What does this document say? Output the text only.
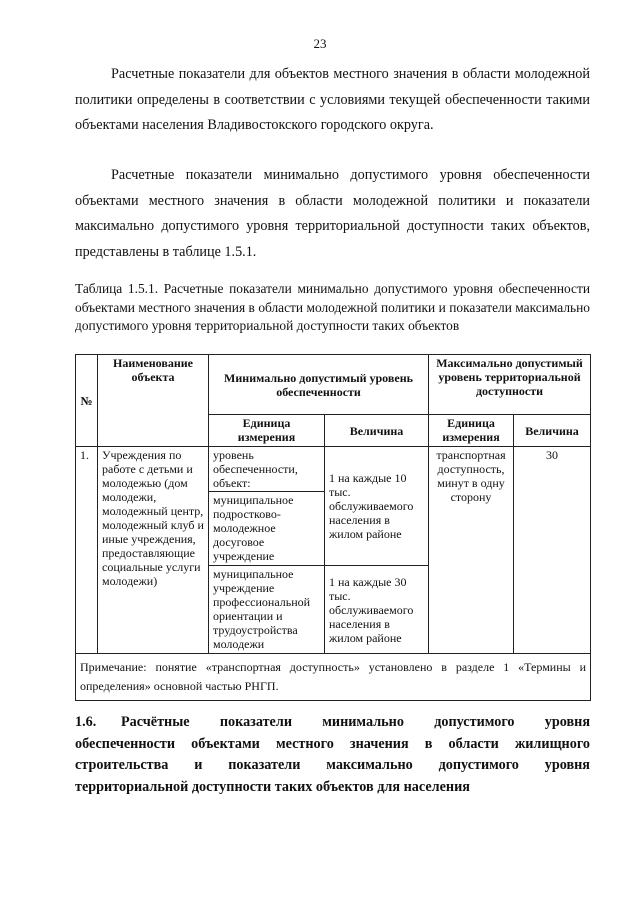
23

Расчетные показатели для объектов местного значения в области молодежной политики определены в соответствии с условиями текущей обеспеченности такими объектами населения Владивостокского городского округа.

Расчетные показатели минимально допустимого уровня обеспеченности объектами местного значения в области молодежной политики и показатели максимально допустимого уровня территориальной доступности таких объектов, представлены в таблице 1.5.1.

Таблица 1.5.1. Расчетные показатели минимально допустимого уровня обеспеченности объектами местного значения в области молодежной политики и показатели максимально допустимого уровня территориальной доступности таких объектов

№	Наименование объекта	Минимально допустимый уровень обеспеченности		Максимально допустимый уровень территориальной доступности	
		Единица измерения	Величина	Единица измерения	Величина
1.	Учреждения по работе с детьми и молодежью (дом молодежи, молодежный центр, молодежный клуб и иные учреждения, предоставляющие социальные услуги молодежи)	уровень обеспеченности, объект:	1 на каждые 10 тыс. обслуживаемого населения в жилом районе	транспортная доступность, минут в одну сторону	30
		муниципальное подростково-молодежное досуговое учреждение			
		муниципальное учреждение профессиональной ориентации и трудоустройства молодежи	1 на каждые 30 тыс. обслуживаемого населения в жилом районе		
Примечание: понятие «транспортная доступность» установлено в разделе 1 «Термины и определения» основной частью РНГП.					
1.6. Расчётные показатели минимально допустимого уровня
обеспеченности объектами местного значения в области жилищного строительства и показатели максимально допустимого уровня территориальной доступности таких объектов для населения
